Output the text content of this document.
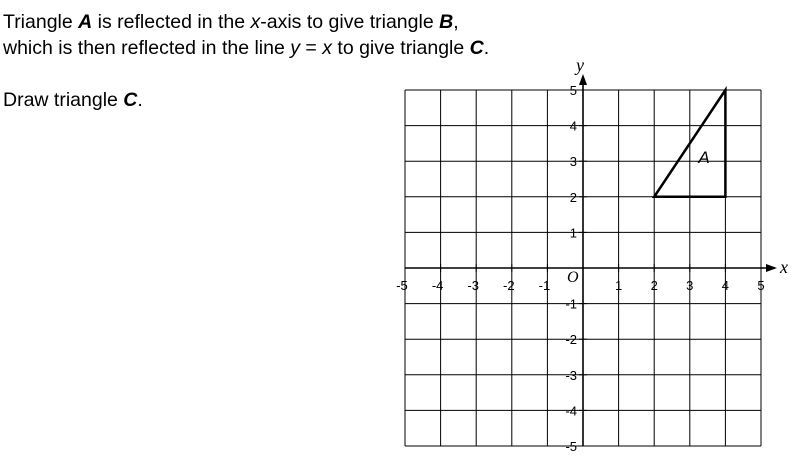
Triangle A is reflected in the x-axis to give triangle B,
which is then reflected in the line y = x to give triangle C.
Draw triangle C.
-5 -4 -3 -2 -1	1 2 3 4 5
-5
-4
-3
-2
-1
1
2
3
4
5
x
y
O
A
